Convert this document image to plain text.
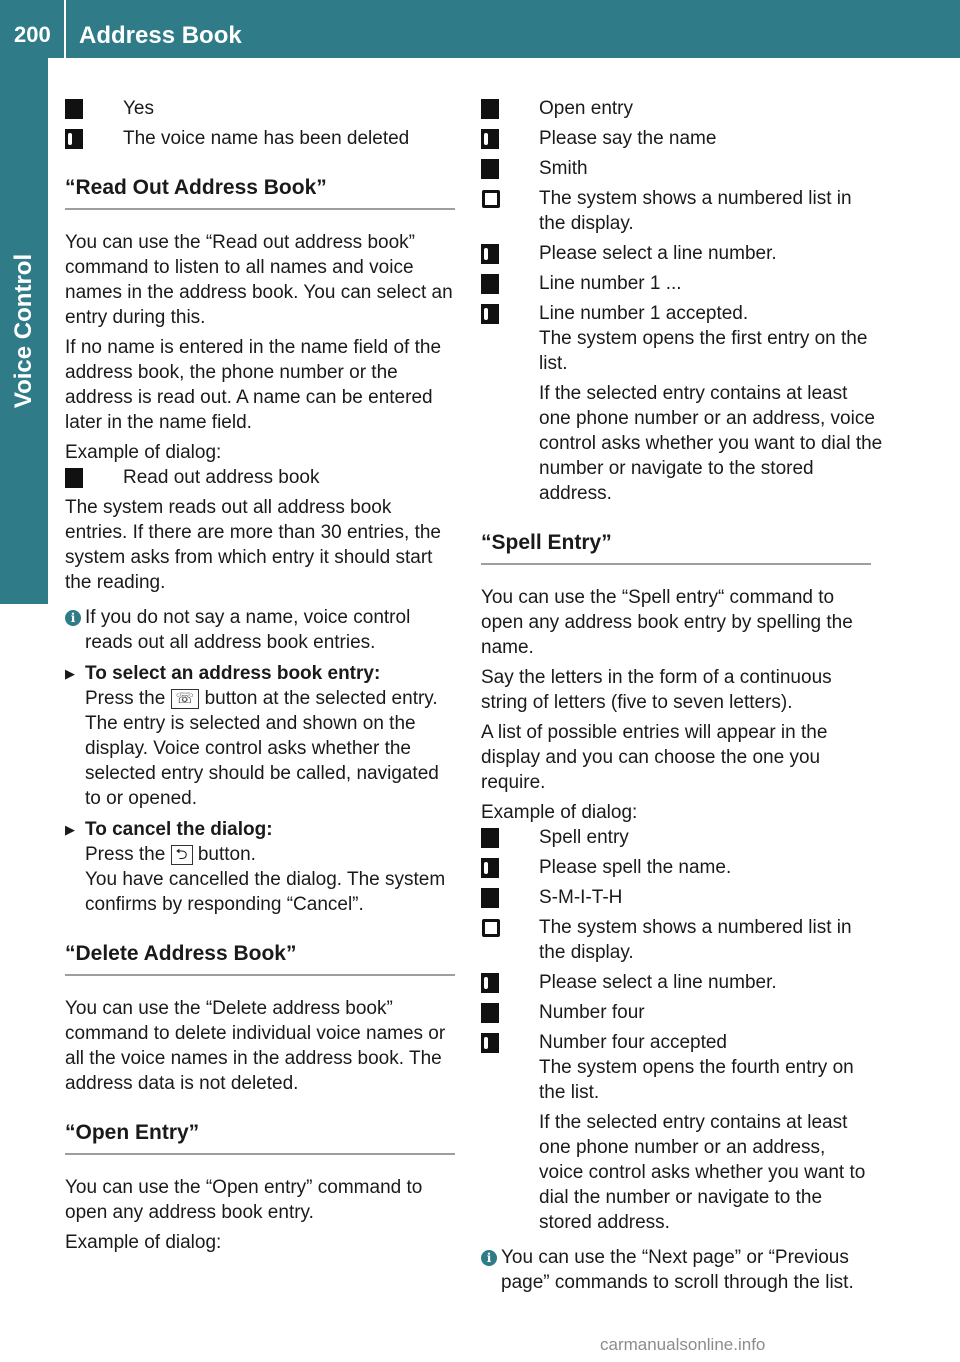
200 Address Book
Voice Control
Yes
The voice name has been deleted
“Read Out Address Book”

You can use the “Read out address book” command to listen to all names and voice names in the address book. You can select an entry during this.

If no name is entered in the name field of the address book, the phone number or the address is read out. A name can be entered later in the name field.

Example of dialog:

Read out address book

The system reads out all address book entries. If there are more than 30 entries, the system asks from which entry it should start the reading.

i If you do not say a name, voice control reads out all address book entries.
▶ To select an address book entry:
Press the ☏ button at the selected entry.
The entry is selected and shown on the display. Voice control asks whether the selected entry should be called, navigated to or opened.
▶ To cancel the dialog:
Press the ⮌ button.
You have cancelled the dialog. The system confirms by responding “Cancel”.
“Delete Address Book”

You can use the “Delete address book” command to delete individual voice names or all the voice names in the address book. The address data is not deleted.

“Open Entry”

You can use the “Open entry” command to open any address book entry.

Example of dialog:

Open entry
Please say the name
Smith
The system shows a numbered list in the display.
Please select a line number.
Line number 1 ...
Line number 1 accepted.
The system opens the first entry on the list.
If the selected entry contains at least one phone number or an address, voice control asks whether you want to dial the number or navigate to the stored address.
“Spell Entry”

You can use the “Spell entry“ command to open any address book entry by spelling the name.

Say the letters in the form of a continuous string of letters (five to seven letters).

A list of possible entries will appear in the display and you can choose the one you require.

Example of dialog:

Spell entry
Please spell the name.
S-M-I-T-H
The system shows a numbered list in the display.
Please select a line number.
Number four
Number four accepted
The system opens the fourth entry on the list.
If the selected entry contains at least one phone number or an address, voice control asks whether you want to dial the number or navigate to the stored address.
i You can use the “Next page” or “Previous page” commands to scroll through the list.
carmanualsonline.info
